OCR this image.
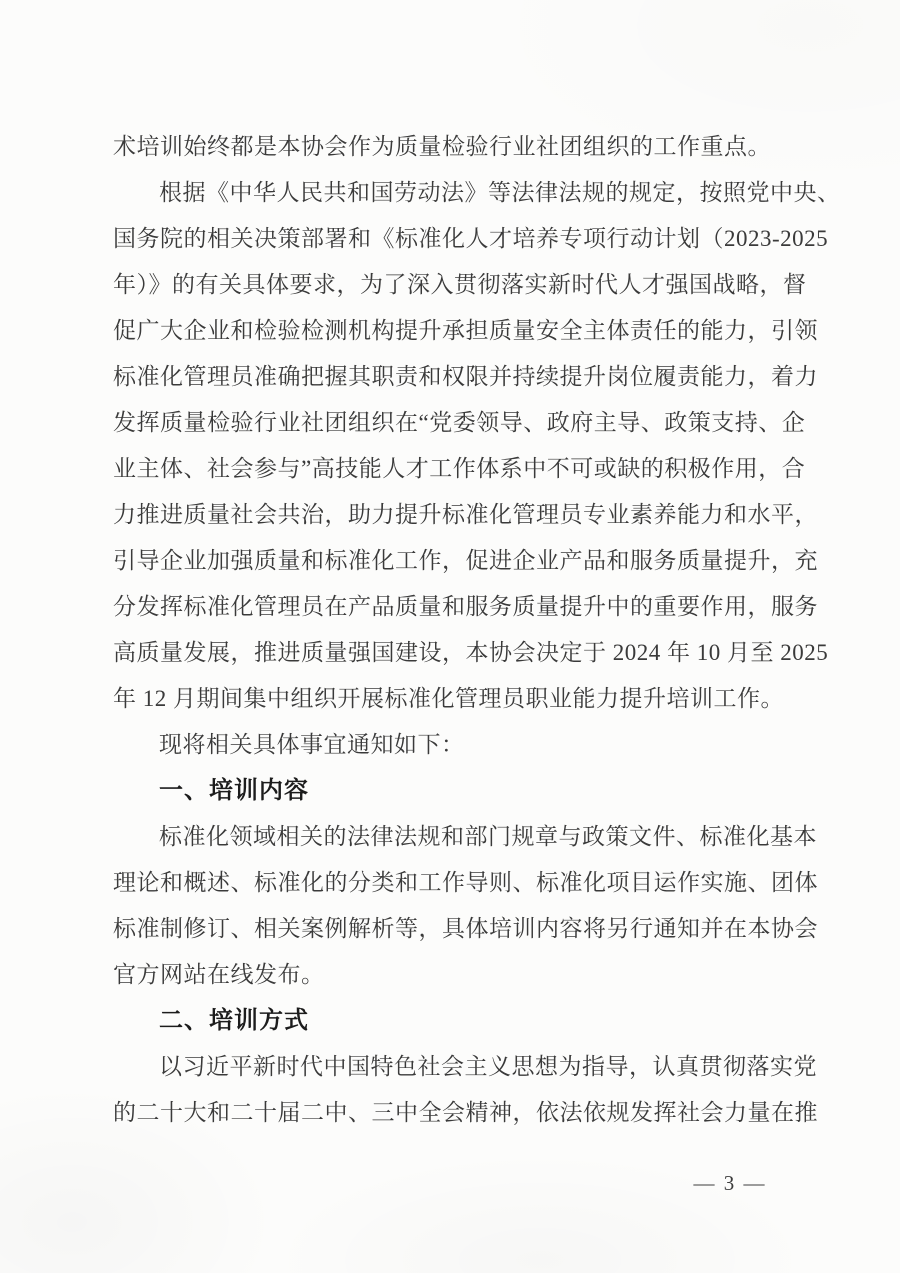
术培训始终都是本协会作为质量检验行业社团组织的工作重点。
根据《中华人民共和国劳动法》等法律法规的规定，按照党中央、
国务院的相关决策部署和《标准化人才培养专项行动计划（2023-2025
年）》的有关具体要求，为了深入贯彻落实新时代人才强国战略，督
促广大企业和检验检测机构提升承担质量安全主体责任的能力，引领
标准化管理员准确把握其职责和权限并持续提升岗位履责能力，着力
发挥质量检验行业社团组织在“党委领导、政府主导、政策支持、企
业主体、社会参与”高技能人才工作体系中不可或缺的积极作用，合
力推进质量社会共治，助力提升标准化管理员专业素养能力和水平，
引导企业加强质量和标准化工作，促进企业产品和服务质量提升，充
分发挥标准化管理员在产品质量和服务质量提升中的重要作用，服务
高质量发展，推进质量强国建设，本协会决定于 2024 年 10 月至 2025
年 12 月期间集中组织开展标准化管理员职业能力提升培训工作。
现将相关具体事宜通知如下：
一、培训内容
标准化领域相关的法律法规和部门规章与政策文件、标准化基本
理论和概述、标准化的分类和工作导则、标准化项目运作实施、团体
标准制修订、相关案例解析等，具体培训内容将另行通知并在本协会
官方网站在线发布。
二、培训方式
以习近平新时代中国特色社会主义思想为指导，认真贯彻落实党
的二十大和二十届二中、三中全会精神，依法依规发挥社会力量在推
— 3 —
